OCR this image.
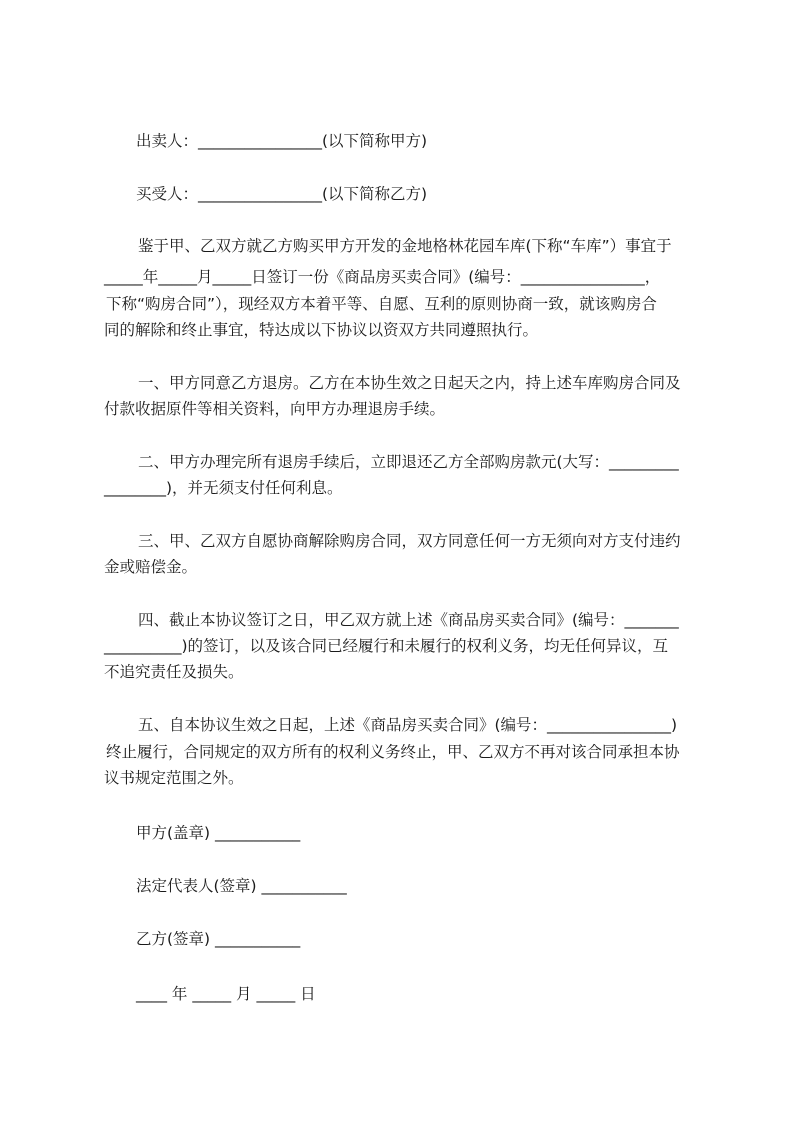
出卖人：________________(以下简称甲方)
买受人：________________(以下简称乙方)
鉴于甲、乙双方就乙方购买甲方开发的金地格林花园车库(下称“车库”）事宜于
_____年_____月_____日签订一份《商品房买卖合同》(编号：________________，
下称“购房合同”），现经双方本着平等、自愿、互利的原则协商一致，就该购房合
同的解除和终止事宜，特达成以下协议以资双方共同遵照执行。
一、甲方同意乙方退房。乙方在本协生效之日起天之内，持上述车库购房合同及
付款收据原件等相关资料，向甲方办理退房手续。
二、甲方办理完所有退房手续后，立即退还乙方全部购房款元(大写：_________
________)，并无须支付任何利息。
三、甲、乙双方自愿协商解除购房合同，双方同意任何一方无须向对方支付违约
金或赔偿金。
四、截止本协议签订之日，甲乙双方就上述《商品房买卖合同》(编号：_______
__________)的签订，以及该合同已经履行和未履行的权利义务，均无任何异议，互
不追究责任及损失。
五、自本协议生效之日起，上述《商品房买卖合同》(编号：________________)
终止履行，合同规定的双方所有的权利义务终止，甲、乙双方不再对该合同承担本协
议书规定范围之外。
甲方(盖章) ___________
法定代表人(签章) ___________
乙方(签章) ___________
____ 年 _____ 月 _____ 日
